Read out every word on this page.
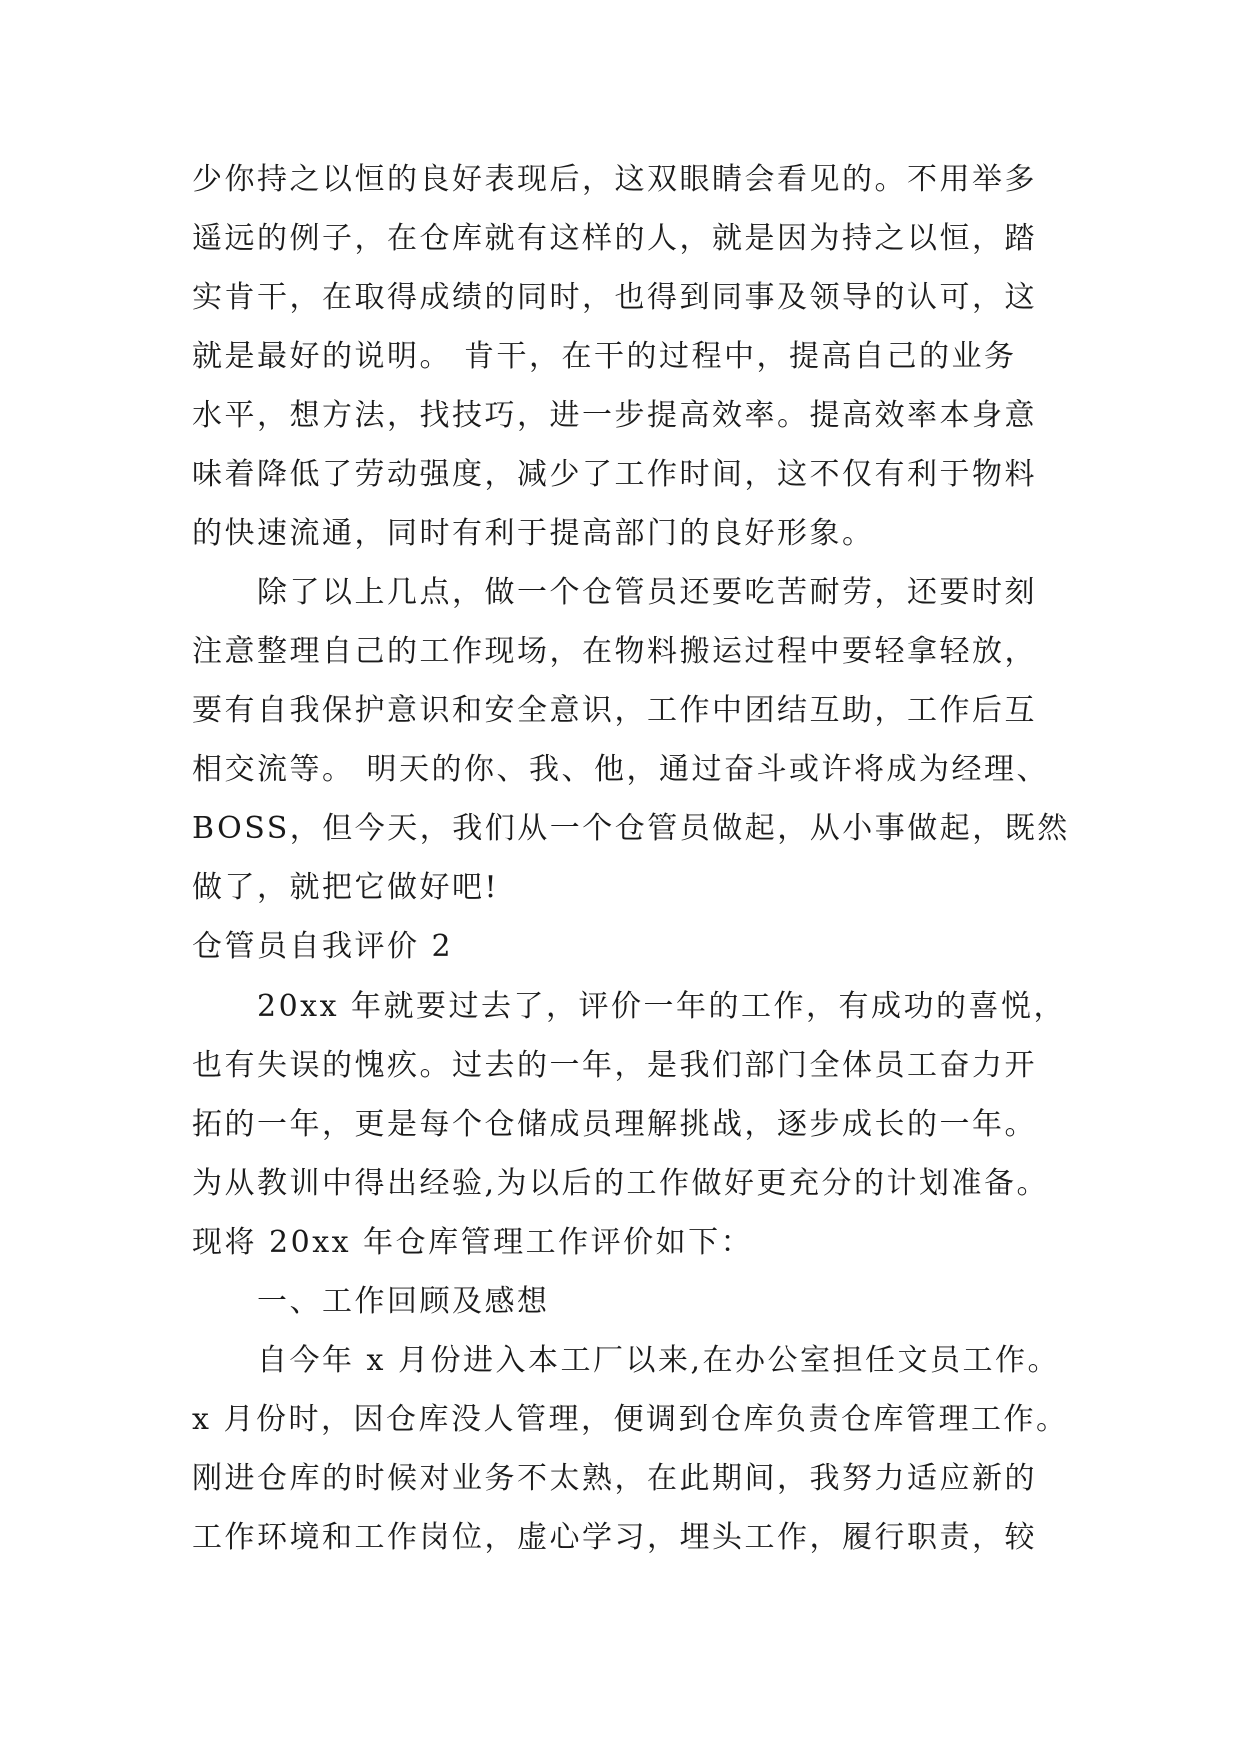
少你持之以恒的良好表现后，这双眼睛会看见的。不用举多
遥远的例子，在仓库就有这样的人，就是因为持之以恒，踏
实肯干，在取得成绩的同时，也得到同事及领导的认可，这
就是最好的说明。 肯干，在干的过程中，提高自己的业务
水平，想方法，找技巧，进一步提高效率。提高效率本身意
味着降低了劳动强度，减少了工作时间，这不仅有利于物料
的快速流通，同时有利于提高部门的良好形象。
　　除了以上几点，做一个仓管员还要吃苦耐劳，还要时刻
注意整理自己的工作现场，在物料搬运过程中要轻拿轻放，
要有自我保护意识和安全意识，工作中团结互助，工作后互
相交流等。 明天的你、我、他，通过奋斗或许将成为经理、
BOSS，但今天，我们从一个仓管员做起，从小事做起，既然
做了，就把它做好吧!
仓管员自我评价 2
　　20xx 年就要过去了，评价一年的工作，有成功的喜悦，
也有失误的愧疚。过去的一年，是我们部门全体员工奋力开
拓的一年，更是每个仓储成员理解挑战，逐步成长的一年。
为从教训中得出经验,为以后的工作做好更充分的计划准备。
现将 20xx 年仓库管理工作评价如下：
　　一、工作回顾及感想
　　自今年 x 月份进入本工厂以来,在办公室担任文员工作。
x 月份时，因仓库没人管理，便调到仓库负责仓库管理工作。
刚进仓库的时候对业务不太熟，在此期间，我努力适应新的
工作环境和工作岗位，虚心学习，埋头工作，履行职责，较
